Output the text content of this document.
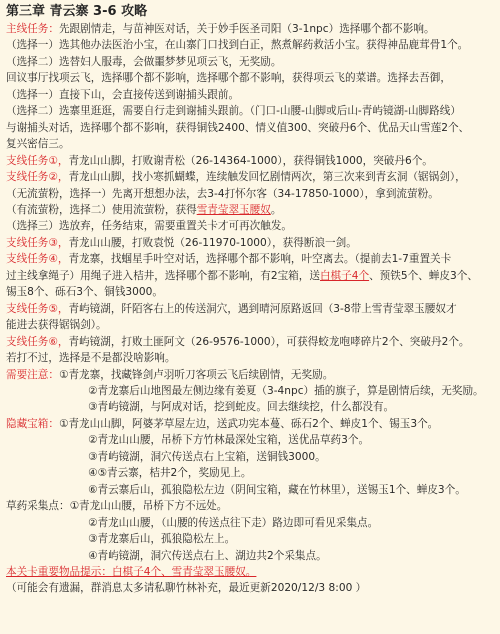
第三章 青云寨 3-6 攻略
主线任务：先跟剧情走，与苗神医对话，关于妙手医圣司阳（3-1npc）选择哪个都不影响。
（选择一）选其他办法医治小宝，在山寨门口找到白正，熬煮解药救活小宝。获得神品鹿茸骨1个。
（选择二）选替妇人服毒，会做噩梦梦见项云飞，无奖励。
回议事厅找项云飞，选择哪个都不影响，选择哪个都不影响，获得项云飞的菜谱。选择去吾御，
（选择一）直接下山，会直接传送到谢捕头跟前。
（选择二）选寨里逛逛，需要自行走到谢捕头跟前。（门口-山腰-山脚或后山-青屿镜湖-山脚路线）
与谢捕头对话，选择哪个都不影响，获得铜钱2400、情义值300、突破丹6个、优品天山雪莲2个、
复兴密信三。
支线任务①，青龙山山脚，打败谢青松（26-14364-1000），获得铜钱1000，突破丹6个。
支线任务②，青龙山山脚，找小寒抓蝴蝶，连续触发回忆剧情两次，第三次来到青玄洞（锯锅剑），
（无流萤粉，选择一）先离开想想办法，去3-4打怀尔客（34-17850-1000），拿到流萤粉。
（有流萤粉，选择二）使用流萤粉，获得雪青莹翠玉腰奴。
（选择三）选放弃，任务结束，需要重置关卡才可再次触发。
支线任务③，青龙山山腰，打败袁悦（26-11970-1000），获得断浪一剑。
支线任务④，青龙寨，找蝈星手叶空对话，选择哪个都不影响，叶空离去。（提前去1-7重置关卡
过主线拿绳子）用绳子进入桔井，选择哪个都不影响，有2宝箱，送白棋子4个、预铁5个、蝉皮3个、
锡玉8个、砾石3个、铜钱3000。
支线任务⑤，青屿镜湖，阡陌客右上的传送洞穴，遇到晴河原路返回（3-8带上雪青莹翠玉腰奴才
能进去获得锯锅剑）。
支线任务⑥，青屿镜湖，打败土匪阿文（26-9576-1000），可获得蛟龙咆哮碎片2个、突破丹2个。
若打不过，选择是不是都没啥影响。
需要注意：①青龙寨，找藏锋剑卢羽听刀客项云飞后续剧情，无奖励。
②青龙寨后山地图最左侧边缘有姜夏（3-4npc）插的旗子，算是剧情后续，无奖励。
③青屿镜湖，与阿成对话，挖到蛇皮。回去继续挖，什么都没有。
隐藏宝箱：①青龙山山脚，阿婆茅草屋左边，送武功宪本蔓、砾石2个、蝉皮1个、锡玉3个。
②青龙山山腰，吊桥下方竹林最深处宝箱，送优品草药3个。
③青屿镜湖，洞穴传送点右上宝箱，送铜钱3000。
④⑤青云寨，桔井2个，奖励见上。
⑥青云寨后山，孤狼隐松左边（阴间宝箱，藏在竹林里），送锡玉1个、蝉皮3个。
草药采集点：①青龙山山腰，吊桥下方不远处。
②青龙山山腰，（山腰的传送点往下走）路边即可看见采集点。
③青龙寨后山，孤狼隐松左上。
④青屿镜湖，洞穴传送点右上、湖边共2个采集点。
本关卡重要物品提示：白棋子4个、雪青莹翠玉腰奴。
（可能会有遗漏，群消息太多请私聊竹林补充，最近更新2020/12/3 8:00 ）
